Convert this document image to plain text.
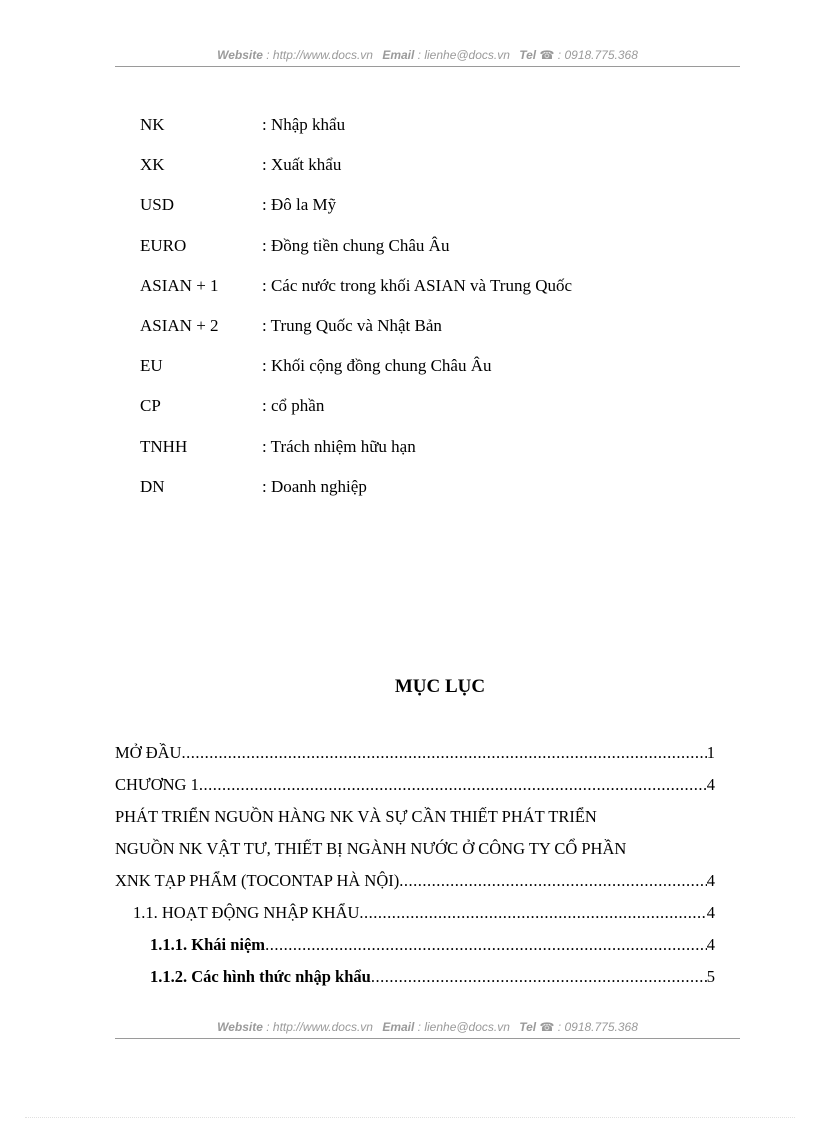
Website : http://www.docs.vn Email : lienhe@docs.vn Tel ☎ : 0918.775.368
NK	: Nhập khẩu
XK	: Xuất khẩu
USD	: Đô la Mỹ
EURO	: Đồng tiền chung Châu Âu
ASIAN + 1	: Các nước trong khối ASIAN và Trung Quốc
ASIAN + 2	: Trung Quốc và Nhật Bản
EU	: Khối cộng đồng chung Châu Âu
CP	: cổ phần
TNHH	: Trách nhiệm hữu hạn
DN	: Doanh nghiệp
MỤC LỤC
MỞ ĐẦU .....	1
CHƯƠNG 1 .....	4
PHÁT TRIỂN NGUỒN HÀNG NK VÀ SỰ CẦN THIẾT PHÁT TRIỂN
NGUỒN NK VẬT TƯ, THIẾT BỊ NGÀNH NƯỚC Ở CÔNG TY CỔ PHẦN
XNK TẠP PHẨM (TOCONTAP HÀ NỘI) .....	4
1.1. HOẠT ĐỘNG NHẬP KHẨU .....	4
1.1.1. Khái niệm .....	4
1.1.2. Các hình thức nhập khẩu .....	5
Website : http://www.docs.vn Email : lienhe@docs.vn Tel ☎ : 0918.775.368
